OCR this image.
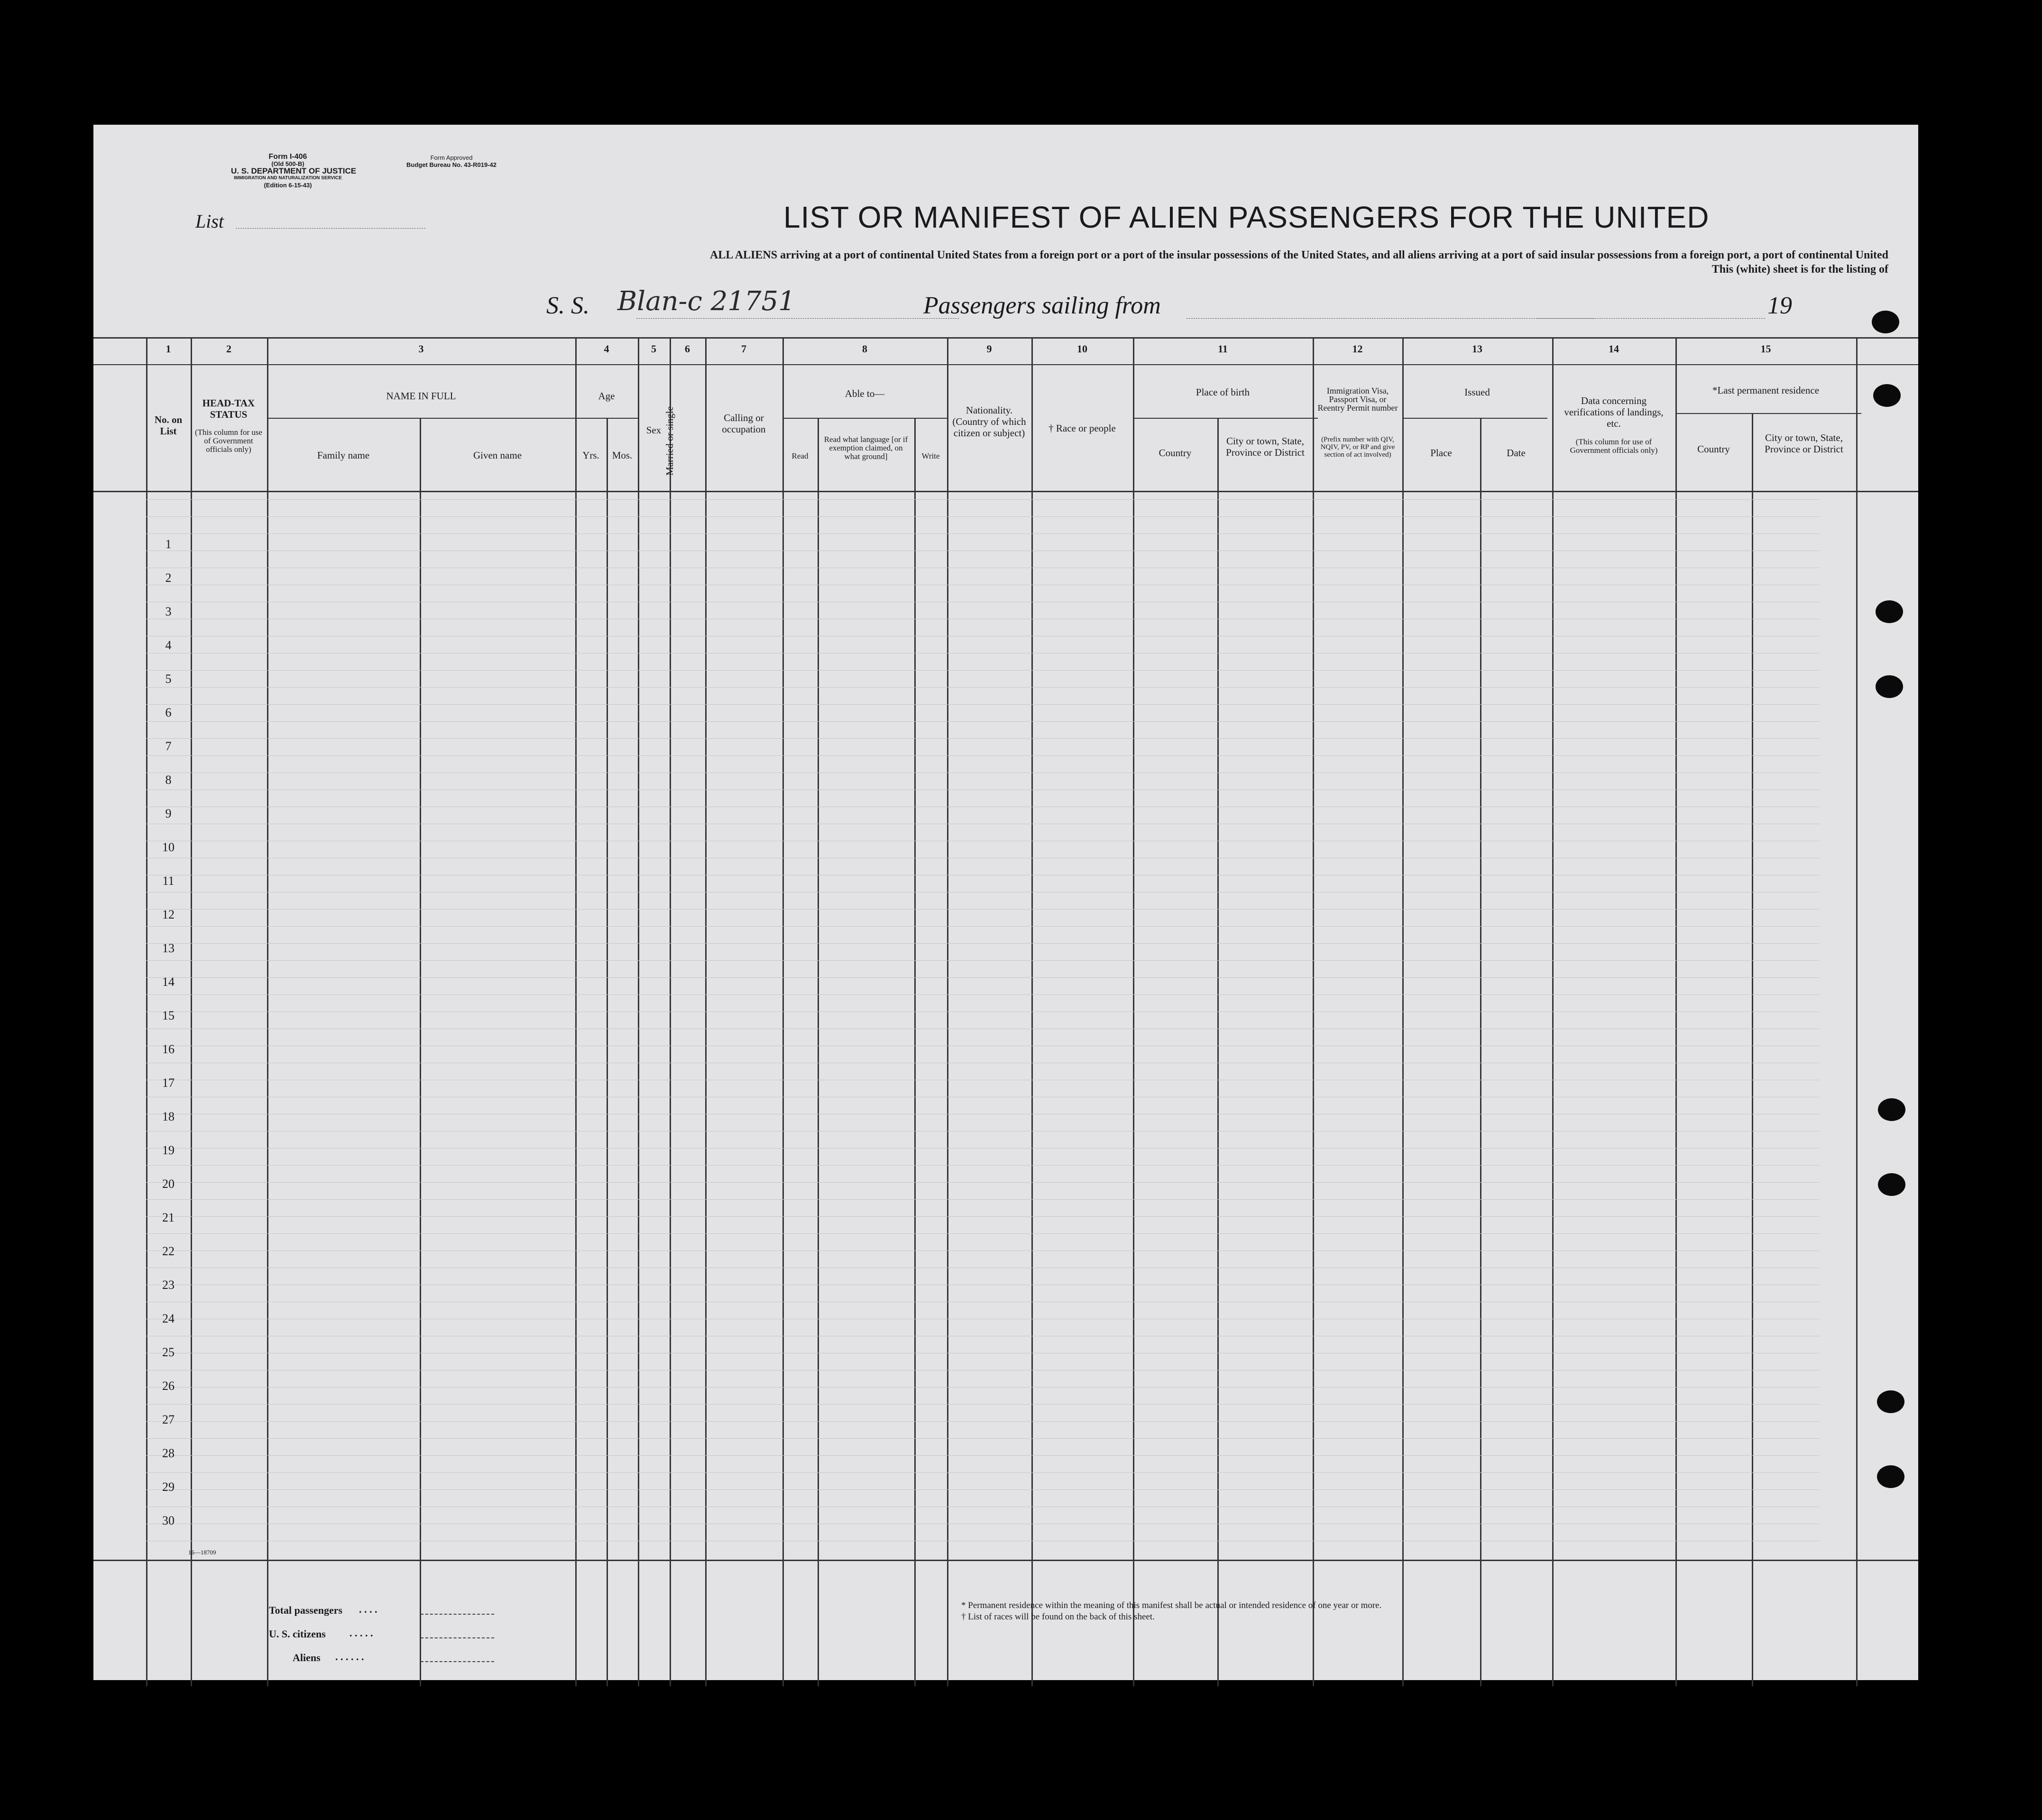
Form I-406
(Old 500-B)
U. S. DEPARTMENT OF JUSTICE
IMMIGRATION AND NATURALIZATION SERVICE
(Edition 6-15-43)
Form Approved
Budget Bureau No. 43-R019-42
List	LIST OR MANIFEST OF ALIEN PASSENGERS FOR THE UNITED
ALL ALIENS arriving at a port of continental United States from a foreign port or a port of the insular possessions of the United States, and all aliens arriving at a port of said insular possessions from a foreign port, a port of continental United
This (white) sheet is for the listing of
S. S. Blan-c 21751	Passengers sailing from	19
1	2	3	4	5	6	7	8	9	10	11	12	13	14	15
No. on List
HEAD-TAX STATUS
(This column for use of Government officials only)
NAME IN FULL
Family name	Given name
Age
Yrs.	Mos.
Sex Married or single	Calling or occupation
Able to—
Read
Read what language [or if exemption claimed, on what ground]	Write
Nationality. (Country of which citizen or subject)	† Race or people
Place of birth
Country
City or town, State, Province or District
Immigration Visa, Passport Visa, or Reentry Permit number
(Prefix number with QIV, NQIV, PV, or RP and give section of act involved)
Issued
Place	Date
Data concerning verifications of landings, etc.
(This column for use of Government officials only)
*Last permanent residence
Country
City or town, State, Province or District
1
2
3
4
5
6
7
8
9
10
11
12
13
14
15
16
17
18
19
20
21
22
23
24
25
26
27
28
29
30
16—18709
Total passengers . . . .
U. S. citizens . . . . .
Aliens . . . . . .
* Permanent residence within the meaning of this manifest shall be actual or intended residence of one year or more.
† List of races will be found on the back of this sheet.
